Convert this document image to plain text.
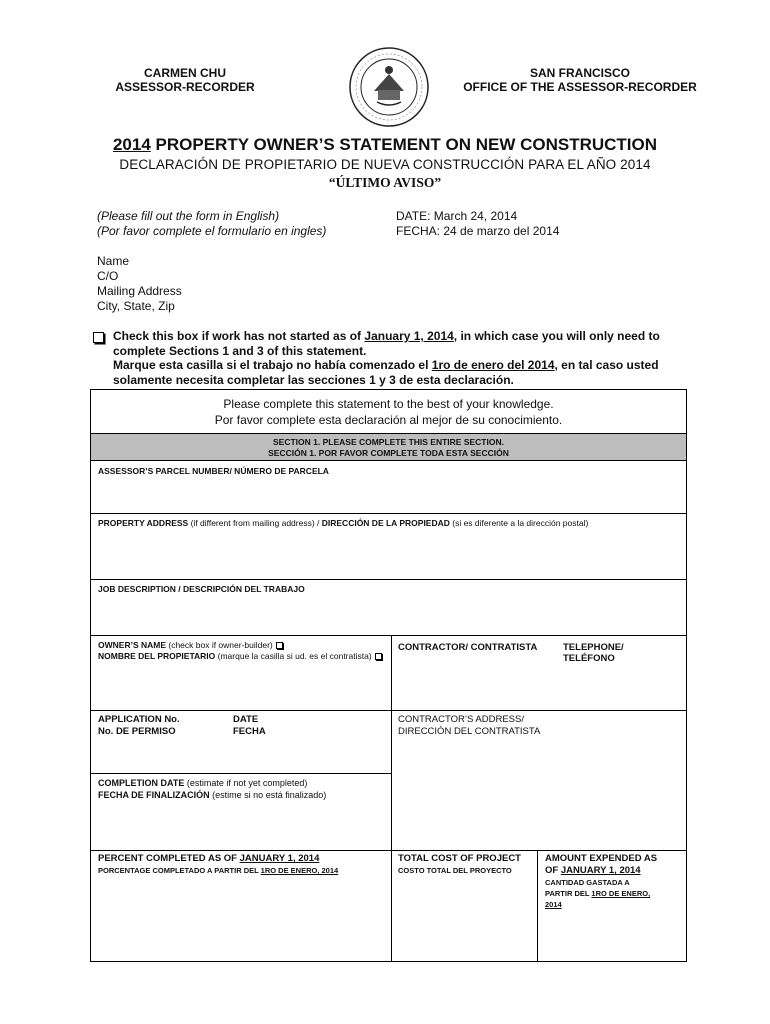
CARMEN CHU
ASSESSOR-RECORDER
SAN FRANCISCO
OFFICE OF THE ASSESSOR-RECORDER
2014 PROPERTY OWNER’S STATEMENT ON NEW CONSTRUCTION
DECLARACIÓN DE PROPIETARIO DE NUEVA CONSTRUCCIÓN PARA EL AÑO 2014
“ÚLTIMO AVISO”
(Please fill out the form in English)
(Por favor complete el formulario en ingles)
DATE: March 24, 2014
FECHA: 24 de marzo del 2014
Name
C/O
Mailing Address
City, State, Zip
Check this box if work has not started as of January 1, 2014, in which case you will only need to
complete Sections 1 and 3 of this statement.
Marque esta casilla si el trabajo no había comenzado el 1ro de enero del 2014, en tal caso usted
solamente necesita completar las secciones 1 y 3 de esta declaración.
Please complete this statement to the best of your knowledge.
Por favor complete esta declaración al mejor de su conocimiento.
SECTION 1. PLEASE COMPLETE THIS ENTIRE SECTION.
SECCIÓN 1. POR FAVOR COMPLETE TODA ESTA SECCIÓN
ASSESSOR’S PARCEL NUMBER/ NÚMERO DE PARCELA
PROPERTY ADDRESS (if different from mailing address) / DIRECCIÓN DE LA PROPIEDAD (si es diferente a la dirección postal)
JOB DESCRIPTION / DESCRIPCIÓN DEL TRABAJO
OWNER’S NAME (check box if owner-builder)
NOMBRE DEL PROPIETARIO (marque la casilla si ud. es el contratista)
CONTRACTOR/ CONTRATISTA	TELEPHONE/
TELÉFONO
APPLICATION No.
No. DE PERMISO
DATE
FECHA
CONTRACTOR’S ADDRESS/
DIRECCIÓN DEL CONTRATISTA
COMPLETION DATE (estimate if not yet completed)
FECHA DE FINALIZACIÓN (estime si no está finalizado)
PERCENT COMPLETED AS OF JANUARY 1, 2014
PORCENTAGE COMPLETADO A PARTIR DEL 1RO DE ENERO, 2014
TOTAL COST OF PROJECT
COSTO TOTAL DEL PROYECTO
AMOUNT EXPENDED AS
OF JANUARY 1, 2014
CANTIDAD GASTADA A
PARTIR DEL 1RO DE ENERO,
2014
